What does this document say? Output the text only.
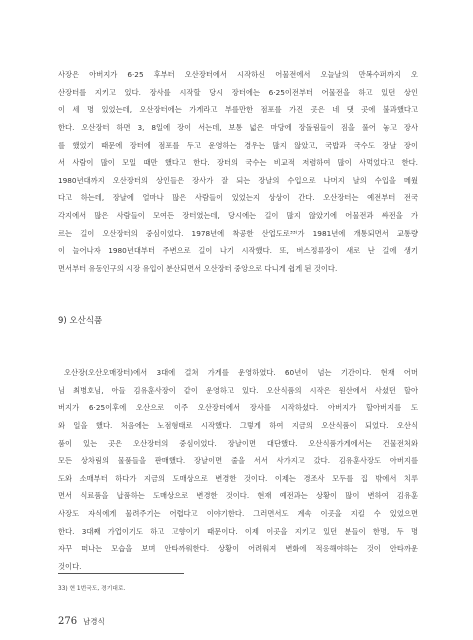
사장은 아버지가 6·25 후부터 오산장터에서 시작하신 어물전에서 오늘날의 만복수퍼까지 오
산장터를 지키고 있다. 장사를 시작할 당시 장터에는 6·25이전부터 어물전을 하고 있던 상인
이 세 명 있었는데, 오산장터에는 가게라고 부를만한 점포를 가진 곳은 네 댓 곳에 불과했다고
한다. 오산장터 하면 3, 8일에 장이 서는데, 보통 넓은 마당에 장돌림들이 짐을 풀어 놓고 장사
를 했었기 때문에 장터에 점포를 두고 운영하는 경우는 많지 않았고, 국밥과 국수도 장날 장이
서 사람이 많이 모일 때만 했다고 한다. 장터의 국수는 비교적 저렴하여 많이 사먹었다고 한다.
1980년대까지 오산장터의 상인들은 장사가 잘 되는 장날의 수입으로 나머지 날의 수입을 메웠
다고 하는데, 장날에 얼마나 많은 사람들이 있었는지 상상이 간다. 오산장터는 예전부터 전국
각지에서 많은 사람들이 모여든 장터였는데, 당시에는 길이 많지 않았기에 어물전과 싸전을 가
르는 길이 오산장터의 중심이었다. 1978년에 착공한 산업도로³³⁾가 1981년에 개통되면서 교통량
이 늘어나자 1980년대부터 주변으로 길이 나기 시작했다. 또, 버스정류장이 새로 난 길에 생기
면서부터 유동인구의 시장 유입이 분산되면서 오산장터 중앙으로 다니게 쉽게 된 것이다.
9) 오산식품
오산장(오산오매장터)에서 3대에 걸쳐 가게를 운영하였다. 60년이 넘는 기간이다. 현재 어머
님 최병호님, 아들 김유훈사장이 같이 운영하고 있다. 오산식품의 시작은 원산에서 사셨던 할아
버지가 6·25이후에 오산으로 이주 오산장터에서 장사를 시작하셨다. 아버지가 할아버지를 도
와 일을 했다. 처음에는 노점형태로 시작했다. 그렇게 하여 지금의 오산식품이 되었다. 오산식
품이 있는 곳은 오산장터의 중심이었다. 장날이면 대단했다. 오산식품가게에서는 건물전처와
모든 상차림의 물품들을 판매했다. 장날이면 줄을 서서 사가지고 갔다. 김유훈사장도 아버지를
도와 소매부터 하다가 지금의 도매상으로 변경한 것이다. 이제는 경조사 모두를 집 밖에서 치루
면서 식료품을 납품하는 도매상으로 변경한 것이다. 현재 예전과는 상황이 많이 변하여 김유훈
사장도 자식에게 물려주기는 어렵다고 이야기한다. 그러면서도 계속 이곳을 지킬 수 있었으면
한다. 3대째 가업이기도 하고 고향이기 때문이다. 이제 이곳을 지키고 있던 분들이 한명, 두 명
자꾸 떠나는 모습을 보며 안타까워한다. 상황이 어려워져 변화에 적응해야하는 것이 안타까운
것이다.
33) 현 1번국도, 경기대로.
276 남경식
